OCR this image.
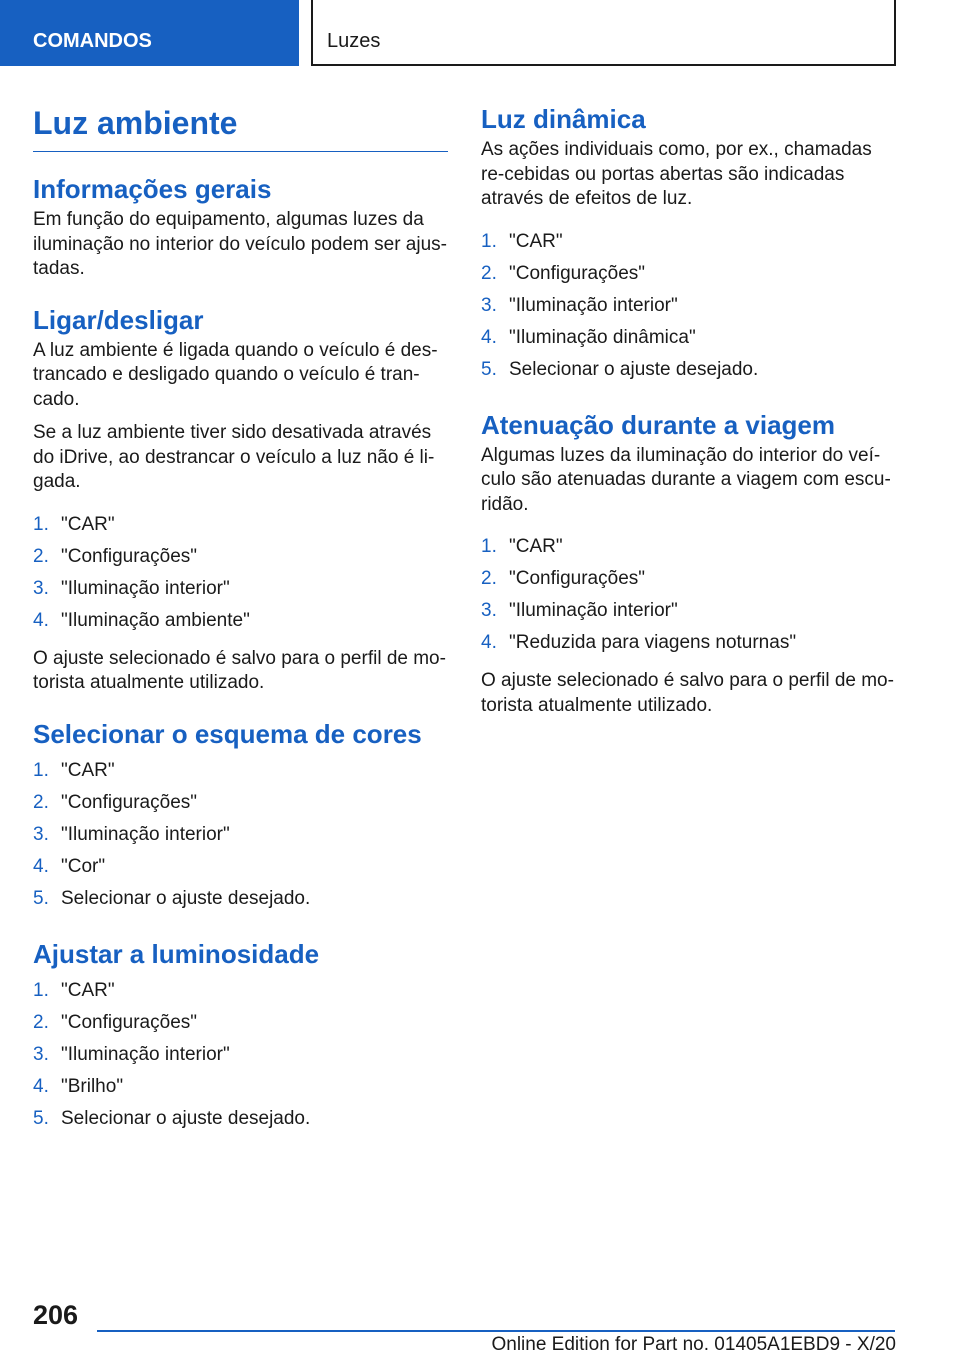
COMANDOS	Luzes
Luz ambiente
Informações gerais

Em função do equipamento, algumas luzes da iluminação no interior do veículo podem ser ajus-tadas.

Ligar/desligar

A luz ambiente é ligada quando o veículo é des-trancado e desligado quando o veículo é tran-cado.

Se a luz ambiente tiver sido desativada através do iDrive, ao destrancar o veículo a luz não é li-gada.

1. "CAR"
2. "Configurações"
3. "Iluminação interior"
4. "Iluminação ambiente"

O ajuste selecionado é salvo para o perfil de mo-torista atualmente utilizado.

Selecionar o esquema de cores
1. "CAR"
2. "Configurações"
3. "Iluminação interior"
4. "Cor"
5. Selecionar o ajuste desejado.
Ajustar a luminosidade
1. "CAR"
2. "Configurações"
3. "Iluminação interior"
4. "Brilho"
5. Selecionar o ajuste desejado.
Luz dinâmica

As ações individuais como, por ex., chamadas re-cebidas ou portas abertas são indicadas através de efeitos de luz.

1. "CAR"
2. "Configurações"
3. "Iluminação interior"
4. "Iluminação dinâmica"
5. Selecionar o ajuste desejado.
Atenuação durante a viagem

Algumas luzes da iluminação do interior do veí-culo são atenuadas durante a viagem com escu-ridão.

1. "CAR"
2. "Configurações"
3. "Iluminação interior"
4. "Reduzida para viagens noturnas"

O ajuste selecionado é salvo para o perfil de mo-torista atualmente utilizado.

206
Online Edition for Part no. 01405A1EBD9 - X/20
